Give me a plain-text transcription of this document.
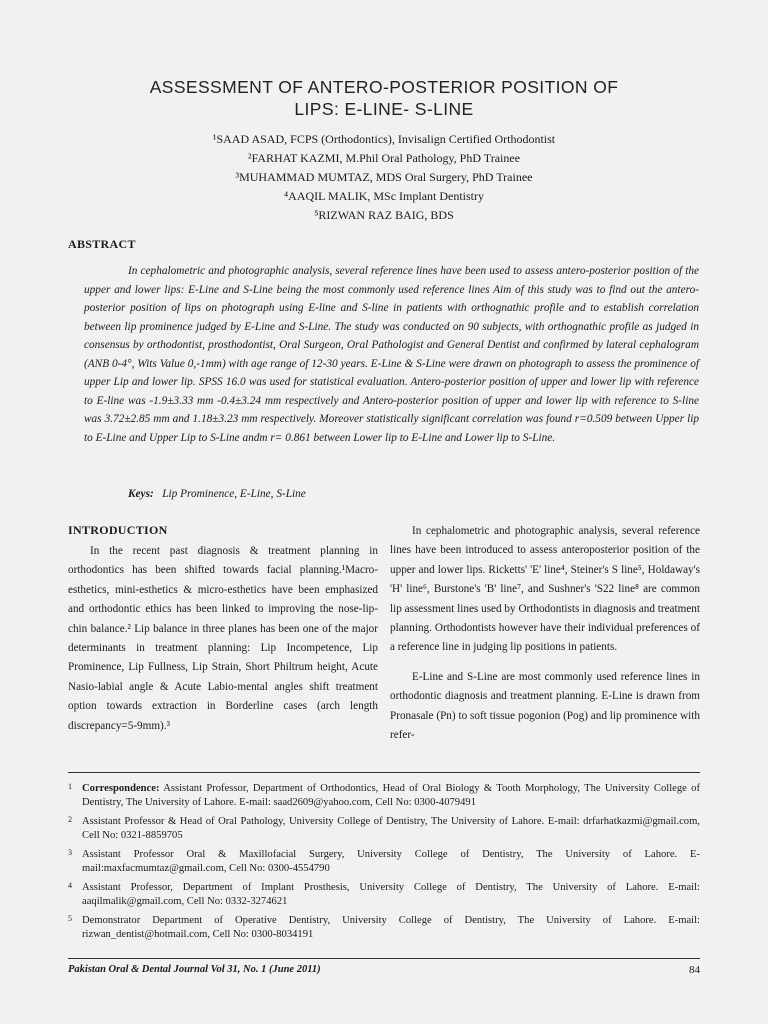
ASSESSMENT OF ANTERO-POSTERIOR POSITION OF
LIPS: E-LINE- S-LINE
¹SAAD ASAD, FCPS (Orthodontics), Invisalign Certified Orthodontist
²FARHAT KAZMI, M.Phil Oral Pathology, PhD Trainee
³MUHAMMAD MUMTAZ, MDS Oral Surgery, PhD Trainee
⁴AAQIL MALIK, MSc Implant Dentistry
⁵RIZWAN RAZ BAIG, BDS
ABSTRACT
In cephalometric and photographic analysis, several reference lines have been used to assess antero-posterior position of the upper and lower lips: E-Line and S-Line being the most commonly used reference lines Aim of this study was to find out the antero-posterior position of lips on photograph using E-line and S-line in patients with orthognathic profile and to establish correlation between lip prominence judged by E-Line and S-Line. The study was conducted on 90 subjects, with orthognathic profile as judged in consensus by orthodontist, prosthodontist, Oral Surgeon, Oral Pathologist and General Dentist and confirmed by lateral cephalogram (ANB 0-4°, Wits Value 0,-1mm) with age range of 12-30 years. E-Line & S-Line were drawn on photograph to assess the prominence of upper Lip and lower lip. SPSS 16.0 was used for statistical evaluation. Antero-posterior position of upper and lower lip with reference to E-line was -1.9±3.33 mm -0.4±3.24 mm respectively and Antero-posterior position of upper and lower lip with reference to S-line was 3.72±2.85 mm and 1.18±3.23 mm respectively. Moreover statistically significant correlation was found r=0.509 between Upper lip to E-Line and Upper Lip to S-Line andm r= 0.861 between Lower lip to E-Line and Lower lip to S-Line.
Keys: Lip Prominence, E-Line, S-Line
INTRODUCTION

In the recent past diagnosis & treatment planning in orthodontics has been shifted towards facial planning.¹Macro-esthetics, mini-esthetics & micro-esthetics have been emphasized and orthodontic ethics has been linked to improving the nose-lip- chin balance.² Lip balance in three planes has been one of the major determinants in treatment planning: Lip Incompetence, Lip Prominence, Lip Fullness, Lip Strain, Short Philtrum height, Acute Nasio-labial angle & Acute Labio-mental angles shift treatment option towards extraction in Borderline cases (arch length discrepancy=5-9mm).³

In cephalometric and photographic analysis, several reference lines have been introduced to assess anteroposterior position of the upper and lower lips. Ricketts' 'E' line⁴, Steiner's S line⁵, Holdaway's 'H' line⁶, Burstone's 'B' line⁷, and Sushner's 'S22 line⁸ are common lip assessment lines used by Orthodontists in diagnosis and treatment planning. Orthodontists however have their individual preferences of a reference line in judging lip positions in patients.

E-Line and S-Line are most commonly used reference lines in orthodontic diagnosis and treatment planning. E-Line is drawn from Pronasale (Pn) to soft tissue pogonion (Pog) and lip prominence with refer-

1 Correspondence: Assistant Professor, Department of Orthodontics, Head of Oral Biology & Tooth Morphology, The University College of Dentistry, The University of Lahore. E-mail: saad2609@yahoo.com, Cell No: 0300-4079491
2 Assistant Professor & Head of Oral Pathology, University College of Dentistry, The University of Lahore. E-mail: drfarhatkazmi@gmail.com, Cell No: 0321-8859705
3 Assistant Professor Oral & Maxillofacial Surgery, University College of Dentistry, The University of Lahore. E-mail:maxfacmumtaz@gmail.com, Cell No: 0300-4554790
4 Assistant Professor, Department of Implant Prosthesis, University College of Dentistry, The University of Lahore. E-mail: aaqilmalik@gmail.com, Cell No: 0332-3274621
5 Demonstrator Department of Operative Dentistry, University College of Dentistry, The University of Lahore. E-mail: rizwan_dentist@hotmail.com, Cell No: 0300-8034191
Pakistan Oral & Dental Journal Vol 31, No. 1 (June 2011)	84
